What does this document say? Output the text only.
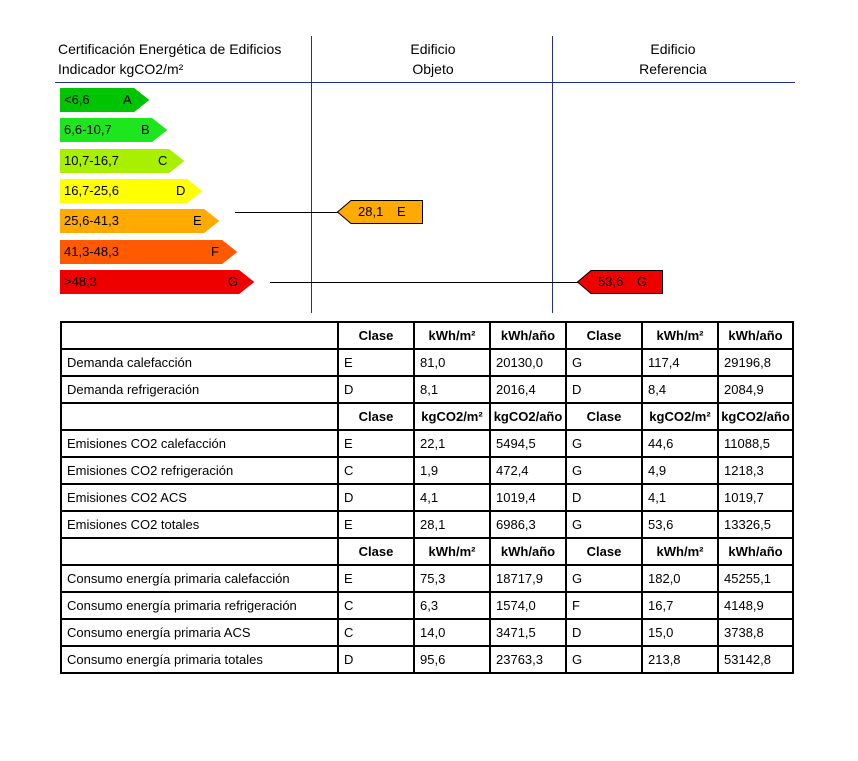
Certificación Energética de Edificios
Indicador kgCO2/m²
Edificio
Objeto
Edificio
Referencia
<6,6	A
6,6-10,7 B
10,7-16,7	C
16,7-25,6	D
25,6-41,3	E
41,3-48,3	F
>48,3	G
28,1 E
53,6 G
	Clase	kWh/m²	kWh/año	Clase	kWh/m²	kWh/año
Demanda calefacción	E	81,0	20130,0	G	117,4	29196,8
Demanda refrigeración	D	8,1	2016,4	D	8,4	2084,9
	Clase	kgCO2/m²	kgCO2/año	Clase	kgCO2/m²	kgCO2/año
Emisiones CO2 calefacción	E	22,1	5494,5	G	44,6	11088,5
Emisiones CO2 refrigeración	C	1,9	472,4	G	4,9	1218,3
Emisiones CO2 ACS	D	4,1	1019,4	D	4,1	1019,7
Emisiones CO2 totales	E	28,1	6986,3	G	53,6	13326,5
	Clase	kWh/m²	kWh/año	Clase	kWh/m²	kWh/año
Consumo energía primaria calefacción	E	75,3	18717,9	G	182,0	45255,1
Consumo energía primaria refrigeración	C	6,3	1574,0	F	16,7	4148,9
Consumo energía primaria ACS	C	14,0	3471,5	D	15,0	3738,8
Consumo energía primaria totales	D	95,6	23763,3	G	213,8	53142,8
